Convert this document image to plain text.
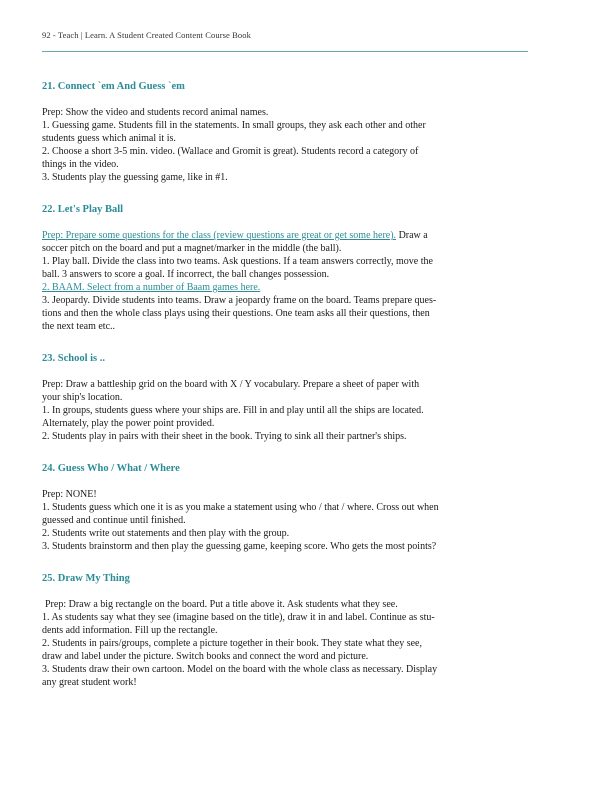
92 - Teach | Learn. A Student Created Content Course Book
21. Connect `em And Guess `em
Prep: Show the video and students record animal names.
1. Guessing game. Students fill in the statements. In small groups, they ask each other and other
students guess which animal it is.
2. Choose a short 3-5 min. video. (Wallace and Gromit is great). Students record a category of
things in the video.
3. Students play the guessing game, like in #1.
22. Let's Play Ball
Prep: Prepare some questions for the class (review questions are great or get some here). Draw a
soccer pitch on the board and put a magnet/marker in the middle (the ball).
1. Play ball. Divide the class into two teams. Ask questions. If a team answers correctly, move the
ball. 3 answers to score a goal. If incorrect, the ball changes possession.
2. BAAM. Select from a number of Baam games here.
3. Jeopardy. Divide students into teams. Draw a jeopardy frame on the board. Teams prepare ques-
tions and then the whole class plays using their questions. One team asks all their questions, then
the next team etc..
23. School is ..
Prep: Draw a battleship grid on the board with X / Y vocabulary. Prepare a sheet of paper with
your ship's location.
1. In groups, students guess where your ships are. Fill in and play until all the ships are located.
Alternately, play the power point provided.
2. Students play in pairs with their sheet in the book. Trying to sink all their partner's ships.
24. Guess Who / What / Where
Prep: NONE!
1. Students guess which one it is as you make a statement using who / that / where. Cross out when
guessed and continue until finished.
2. Students write out statements and then play with the group.
3. Students brainstorm and then play the guessing game, keeping score. Who gets the most points?
25. Draw My Thing
Prep: Draw a big rectangle on the board. Put a title above it. Ask students what they see.
1. As students say what they see (imagine based on the title), draw it in and label. Continue as stu-
dents add information. Fill up the rectangle.
2. Students in pairs/groups, complete a picture together in their book. They state what they see,
draw and label under the picture. Switch books and connect the word and picture.
3. Students draw their own cartoon. Model on the board with the whole class as necessary. Display
any great student work!
